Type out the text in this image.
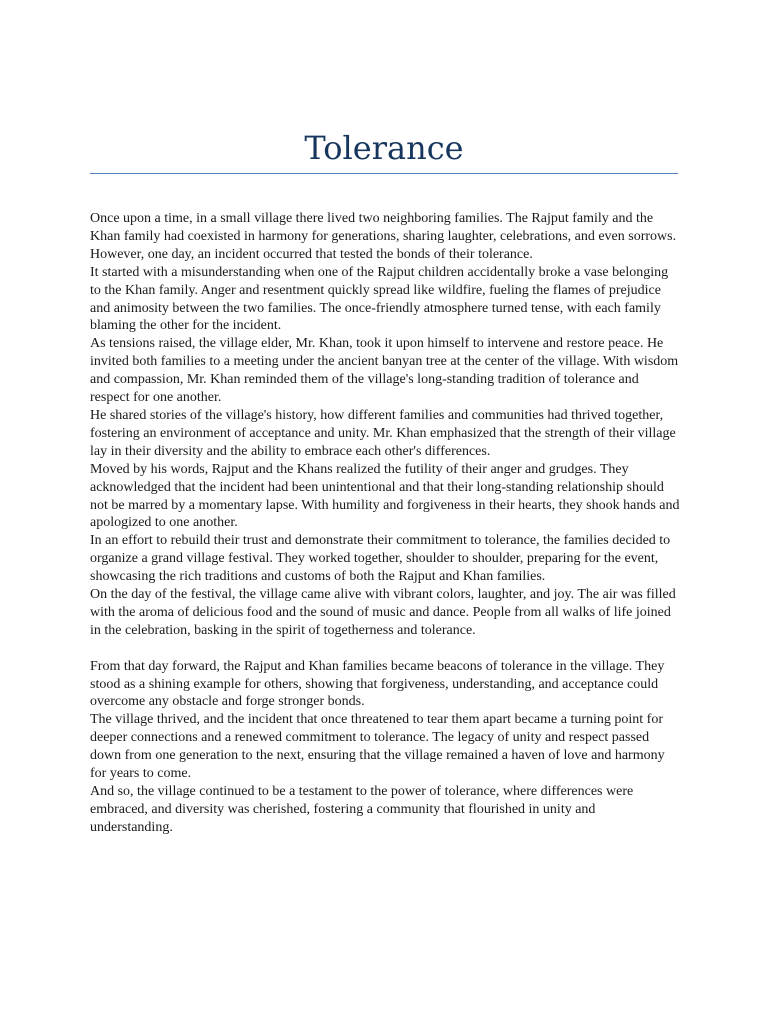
Tolerance

Once upon a time, in a small village there lived two neighboring families. The Rajput family and the Khan family had coexisted in harmony for generations, sharing laughter, celebrations, and even sorrows. However, one day, an incident occurred that tested the bonds of their tolerance.

It started with a misunderstanding when one of the Rajput children accidentally broke a vase belonging to the Khan family. Anger and resentment quickly spread like wildfire, fueling the flames of prejudice and animosity between the two families. The once-friendly atmosphere turned tense, with each family blaming the other for the incident.

As tensions raised, the village elder, Mr. Khan, took it upon himself to intervene and restore peace. He invited both families to a meeting under the ancient banyan tree at the center of the village. With wisdom and compassion, Mr. Khan reminded them of the village's long-standing tradition of tolerance and respect for one another.

He shared stories of the village's history, how different families and communities had thrived together, fostering an environment of acceptance and unity. Mr. Khan emphasized that the strength of their village lay in their diversity and the ability to embrace each other's differences.

Moved by his words, Rajput and the Khans realized the futility of their anger and grudges. They acknowledged that the incident had been unintentional and that their long-standing relationship should not be marred by a momentary lapse. With humility and forgiveness in their hearts, they shook hands and apologized to one another.

In an effort to rebuild their trust and demonstrate their commitment to tolerance, the families decided to organize a grand village festival. They worked together, shoulder to shoulder, preparing for the event, showcasing the rich traditions and customs of both the Rajput and Khan families.

On the day of the festival, the village came alive with vibrant colors, laughter, and joy. The air was filled with the aroma of delicious food and the sound of music and dance. People from all walks of life joined in the celebration, basking in the spirit of togetherness and tolerance.

From that day forward, the Rajput and Khan families became beacons of tolerance in the village. They stood as a shining example for others, showing that forgiveness, understanding, and acceptance could overcome any obstacle and forge stronger bonds.

The village thrived, and the incident that once threatened to tear them apart became a turning point for deeper connections and a renewed commitment to tolerance. The legacy of unity and respect passed down from one generation to the next, ensuring that the village remained a haven of love and harmony for years to come.

And so, the village continued to be a testament to the power of tolerance, where differences were embraced, and diversity was cherished, fostering a community that flourished in unity and understanding.
